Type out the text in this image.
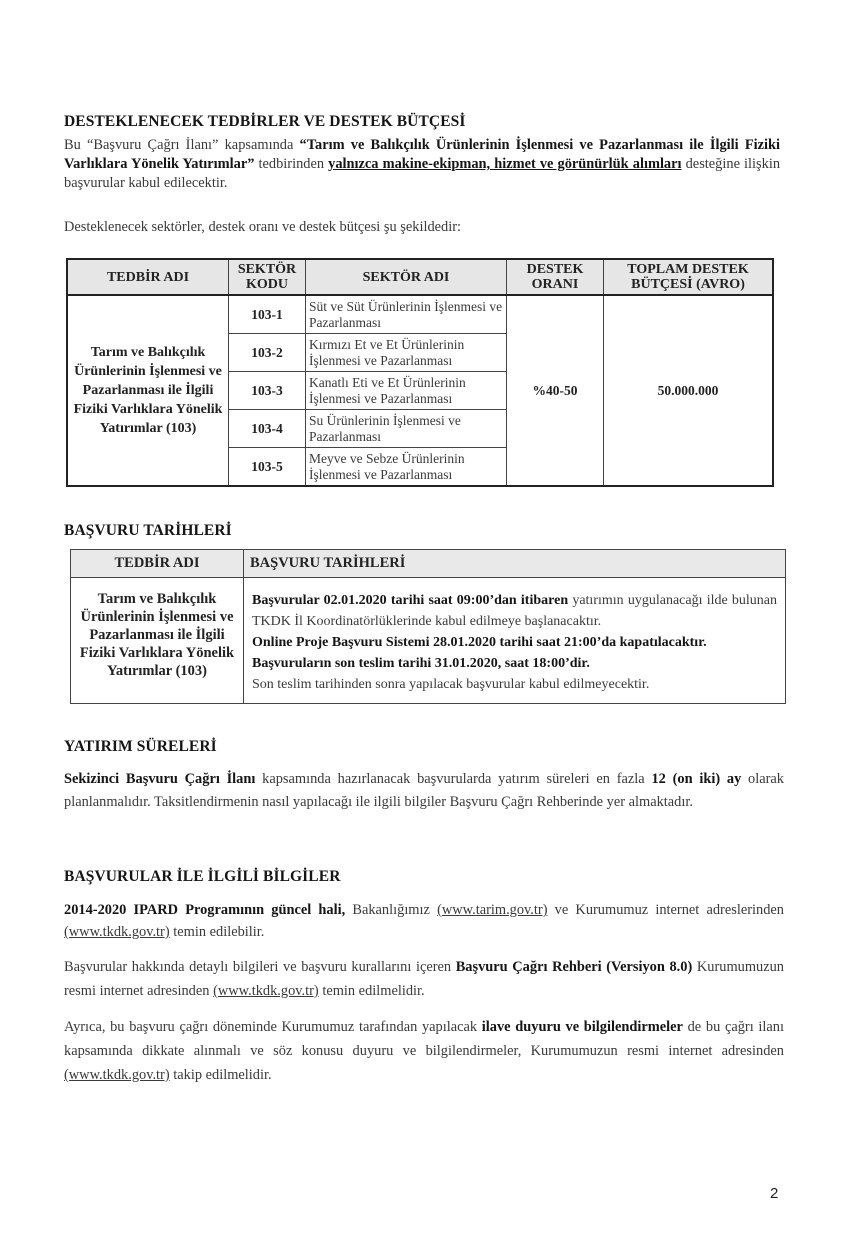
DESTEKLENECEK TEDBİRLER VE DESTEK BÜTÇESİ
Bu “Başvuru Çağrı İlanı” kapsamında “Tarım ve Balıkçılık Ürünlerinin İşlenmesi ve Pazarlanması ile İlgili Fiziki Varlıklara Yönelik Yatırımlar” tedbirinden yalnızca makine-ekipman, hizmet ve görünürlük alımları desteğine ilişkin başvurular kabul edilecektir.
Desteklenecek sektörler, destek oranı ve destek bütçesi şu şekildedir:
TEDBİR ADI	SEKTÖR KODU	SEKTÖR ADI	DESTEK ORANI	TOPLAM DESTEK BÜTÇESİ (AVRO)
Tarım ve Balıkçılık Ürünlerinin İşlenmesi ve Pazarlanması ile İlgili Fiziki Varlıklara Yönelik Yatırımlar (103)	103-1	Süt ve Süt Ürünlerinin İşlenmesi ve Pazarlanması	%40-50	50.000.000
	103-2	Kırmızı Et ve Et Ürünlerinin İşlenmesi ve Pazarlanması		
	103-3	Kanatlı Eti ve Et Ürünlerinin İşlenmesi ve Pazarlanması		
	103-4	Su Ürünlerinin İşlenmesi ve Pazarlanması		
	103-5	Meyve ve Sebze Ürünlerinin İşlenmesi ve Pazarlanması		
BAŞVURU TARİHLERİ
TEDBİR ADI	BAŞVURU TARİHLERİ
Tarım ve Balıkçılık Ürünlerinin İşlenmesi ve Pazarlanması ile İlgili Fiziki Varlıklara Yönelik Yatırımlar (103)	Başvurular 02.01.2020 tarihi saat 09:00’dan itibaren yatırımın uygulanacağı ilde bulunan TKDK İl Koordinatörlüklerinde kabul edilmeye başlanacaktır.
Online Proje Başvuru Sistemi 28.01.2020 tarihi saat 21:00’da kapatılacaktır.
Başvuruların son teslim tarihi 31.01.2020, saat 18:00’dir.
Son teslim tarihinden sonra yapılacak başvurular kabul edilmeyecektir.
YATIRIM SÜRELERİ
Sekizinci Başvuru Çağrı İlanı kapsamında hazırlanacak başvurularda yatırım süreleri en fazla 12 (on iki) ay olarak planlanmalıdır. Taksitlendirmenin nasıl yapılacağı ile ilgili bilgiler Başvuru Çağrı Rehberinde yer almaktadır.
BAŞVURULAR İLE İLGİLİ BİLGİLER
2014-2020 IPARD Programının güncel hali, Bakanlığımız (www.tarim.gov.tr) ve Kurumumuz internet adreslerinden (www.tkdk.gov.tr) temin edilebilir.
Başvurular hakkında detaylı bilgileri ve başvuru kurallarını içeren Başvuru Çağrı Rehberi (Versiyon 8.0) Kurumumuzun resmi internet adresinden (www.tkdk.gov.tr) temin edilmelidir.
Ayrıca, bu başvuru çağrı döneminde Kurumumuz tarafından yapılacak ilave duyuru ve bilgilendirmeler de bu çağrı ilanı kapsamında dikkate alınmalı ve söz konusu duyuru ve bilgilendirmeler, Kurumumuzun resmi internet adresinden (www.tkdk.gov.tr) takip edilmelidir.
2
